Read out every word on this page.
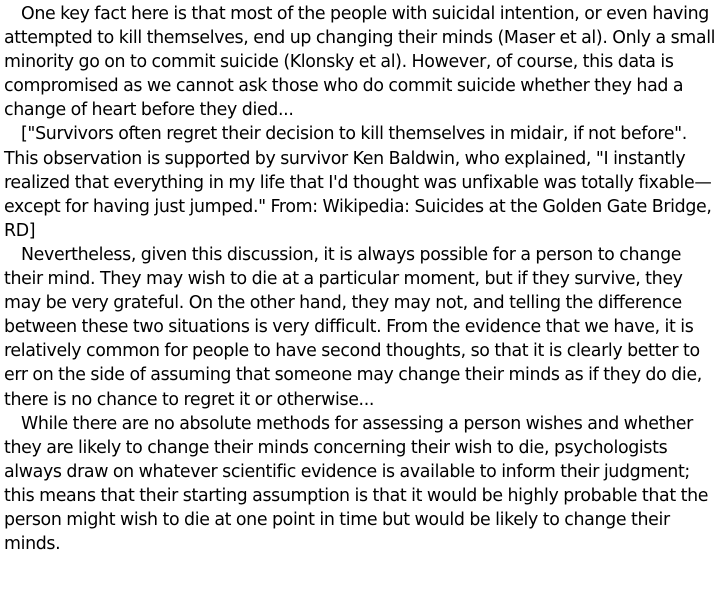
One key fact here is that most of the people with suicidal intention, or even having attempted to kill themselves, end up changing their minds (Maser et al). Only a small minority go on to commit suicide (Klonsky et al). However, of course, this data is compromised as we cannot ask those who do commit suicide whether they had a change of heart before they died...

["Survivors often regret their decision to kill themselves in midair, if not before". This observation is supported by survivor Ken Baldwin, who explained, "I instantly realized that everything in my life that I'd thought was unfixable was totally fixable—except for having just jumped." From: Wikipedia: Suicides at the Golden Gate Bridge, RD]

Nevertheless, given this discussion, it is always possible for a person to change their mind. They may wish to die at a particular moment, but if they survive, they may be very grateful. On the other hand, they may not, and telling the difference between these two situations is very difficult. From the evidence that we have, it is relatively common for people to have second thoughts, so that it is clearly better to err on the side of assuming that someone may change their minds as if they do die, there is no chance to regret it or otherwise...

While there are no absolute methods for assessing a person wishes and whether they are likely to change their minds concerning their wish to die, psychologists always draw on whatever scientific evidence is available to inform their judgment; this means that their starting assumption is that it would be highly probable that the person might wish to die at one point in time but would be likely to change their minds.
